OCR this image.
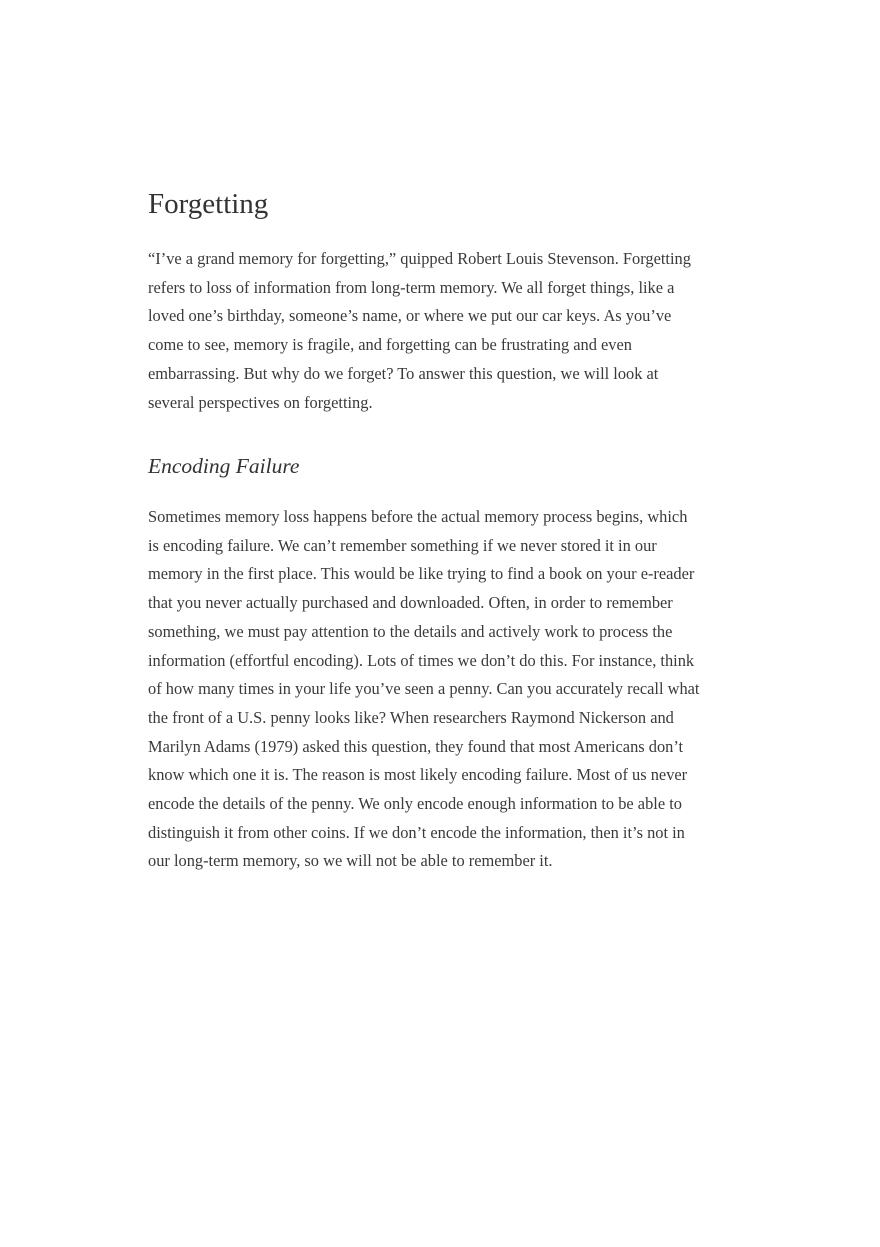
Forgetting

“I’ve a grand memory for forgetting,” quipped Robert Louis Stevenson. Forgetting
refers to loss of information from long-term memory. We all forget things, like a
loved one’s birthday, someone’s name, or where we put our car keys. As you’ve
come to see, memory is fragile, and forgetting can be frustrating and even
embarrassing. But why do we forget? To answer this question, we will look at
several perspectives on forgetting.

Encoding Failure

Sometimes memory loss happens before the actual memory process begins, which
is encoding failure. We can’t remember something if we never stored it in our
memory in the first place. This would be like trying to find a book on your e-reader
that you never actually purchased and downloaded. Often, in order to remember
something, we must pay attention to the details and actively work to process the
information (effortful encoding). Lots of times we don’t do this. For instance, think
of how many times in your life you’ve seen a penny. Can you accurately recall what
the front of a U.S. penny looks like? When researchers Raymond Nickerson and
Marilyn Adams (1979) asked this question, they found that most Americans don’t
know which one it is. The reason is most likely encoding failure. Most of us never
encode the details of the penny. We only encode enough information to be able to
distinguish it from other coins. If we don’t encode the information, then it’s not in
our long-term memory, so we will not be able to remember it.
